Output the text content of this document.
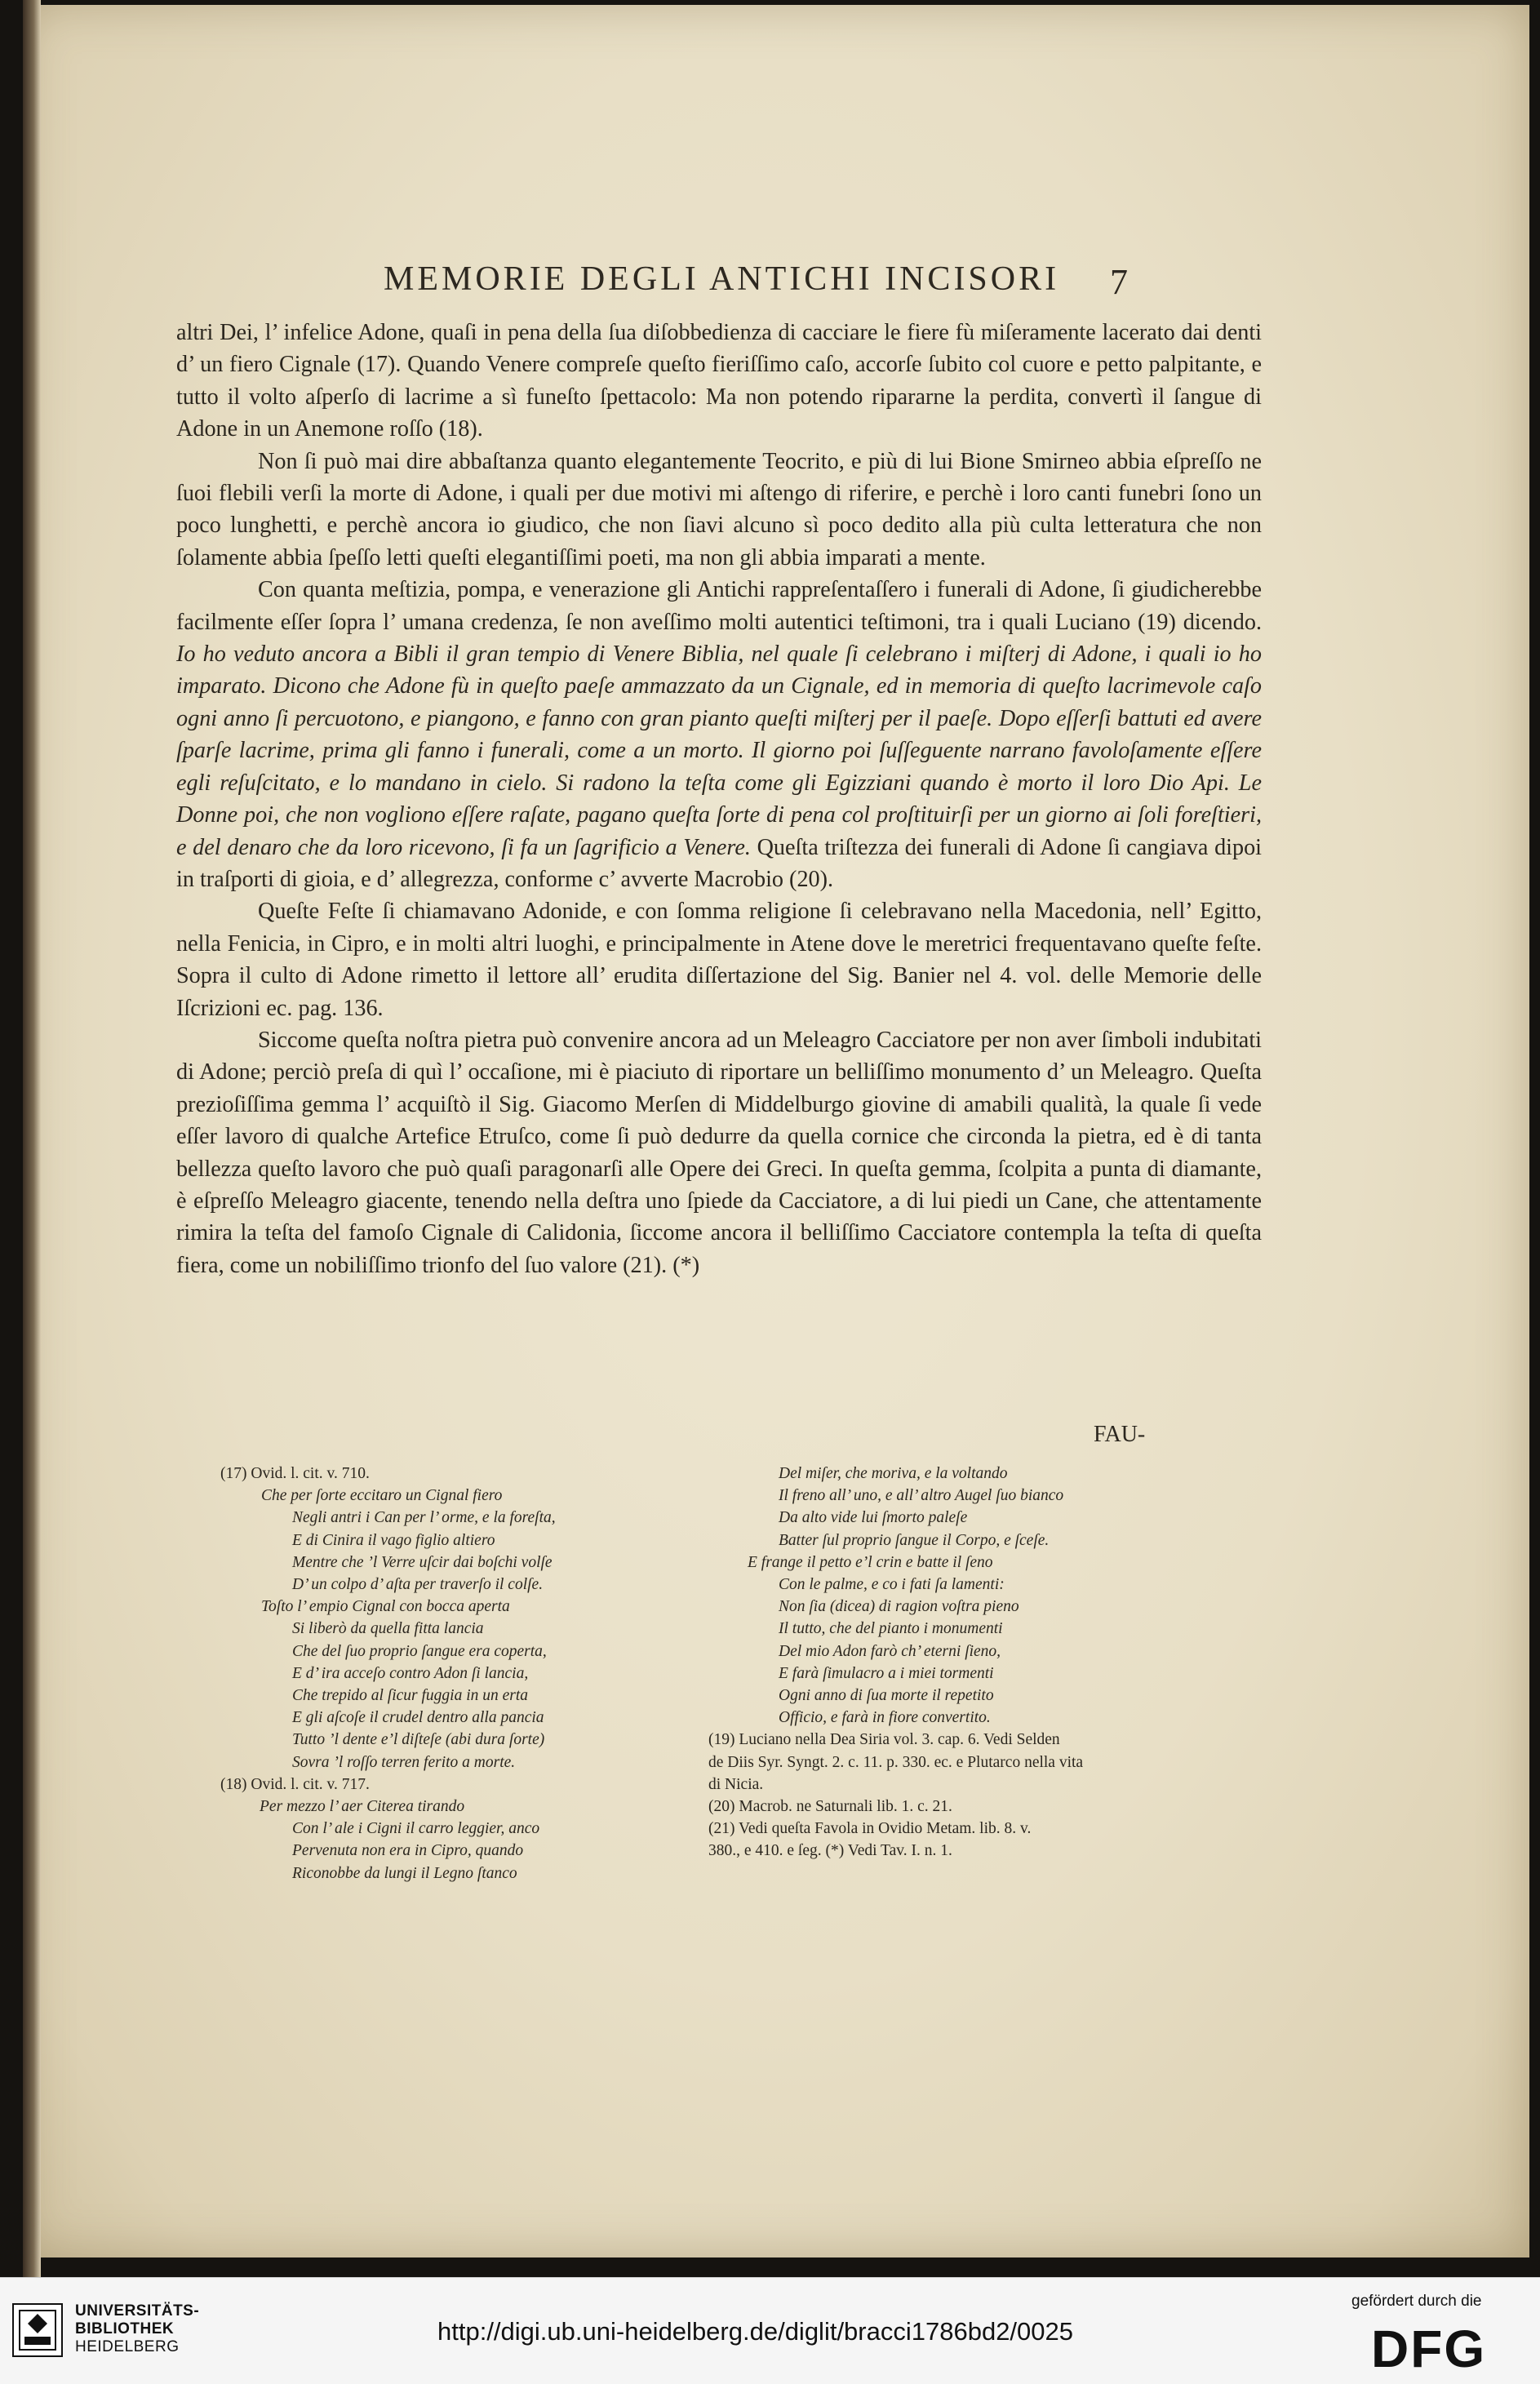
MEMORIE DEGLI ANTICHI INCISORI 7

altri Dei, l’ infelice Adone, quaſi in pena della ſua diſobbedienza di cacciare le fiere fù miſeramente lacerato dai denti d’ un fiero Cignale (17). Quando Venere compreſe queſto fieriſſimo caſo, accorſe ſubito col cuore e petto palpitante, e tutto il volto aſperſo di lacrime a sì funeſto ſpettacolo: Ma non potendo ripararne la perdita, convertì il ſangue di Adone in un Anemone roſſo (18).

Non ſi può mai dire abbaſtanza quanto elegantemente Teocrito, e più di lui Bione Smirneo abbia eſpreſſo ne ſuoi flebili verſi la morte di Adone, i quali per due motivi mi aſtengo di riferire, e perchè i loro canti funebri ſono un poco lunghetti, e perchè ancora io giudico, che non ſiavi alcuno sì poco dedito alla più culta letteratura che non ſolamente abbia ſpeſſo letti queſti elegantiſſimi poeti, ma non gli abbia imparati a mente.

Con quanta meſtizia, pompa, e venerazione gli Antichi rappreſentaſſero i funerali di Adone, ſi giudicherebbe facilmente eſſer ſopra l’ umana credenza, ſe non aveſſimo molti autentici teſtimoni, tra i quali Luciano (19) dicendo. Io ho veduto ancora a Bibli il gran tempio di Venere Biblia, nel quale ſi celebrano i miſterj di Adone, i quali io ho imparato. Dicono che Adone fù in queſto paeſe ammazzato da un Cignale, ed in memoria di queſto lacrimevole caſo ogni anno ſi percuotono, e piangono, e fanno con gran pianto queſti miſterj per il paeſe. Dopo eſſerſi battuti ed avere ſparſe lacrime, prima gli fanno i funerali, come a un morto. Il giorno poi ſuſſeguente narrano favoloſamente eſſere egli reſuſcitato, e lo mandano in cielo. Si radono la teſta come gli Egizziani quando è morto il loro Dio Api. Le Donne poi, che non vogliono eſſere raſate, pagano queſta ſorte di pena col proſtituirſi per un giorno ai ſoli foreſtieri, e del denaro che da loro ricevono, ſi fa un ſagrificio a Venere. Queſta triſtezza dei funerali di Adone ſi cangiava dipoi in traſporti di gioia, e d’ allegrezza, conforme c’ avverte Macrobio (20).

Queſte Feſte ſi chiamavano Adonide, e con ſomma religione ſi celebravano nella Macedonia, nell’ Egitto, nella Fenicia, in Cipro, e in molti altri luoghi, e principalmente in Atene dove le meretrici frequentavano queſte feſte. Sopra il culto di Adone rimetto il lettore all’ erudita diſſertazione del Sig. Banier nel 4. vol. delle Memorie delle Iſcrizioni ec. pag. 136.

Siccome queſta noſtra pietra può convenire ancora ad un Meleagro Cacciatore per non aver ſimboli indubitati di Adone; perciò preſa di quì l’ occaſione, mi è piaciuto di riportare un belliſſimo monumento d’ un Meleagro. Queſta prezioſiſſima gemma l’ acquiſtò il Sig. Giacomo Merſen di Middelburgo giovine di amabili qualità, la quale ſi vede eſſer lavoro di qualche Artefice Etruſco, come ſi può dedurre da quella cornice che circonda la pietra, ed è di tanta bellezza queſto lavoro che può quaſi paragonarſi alle Opere dei Greci. In queſta gemma, ſcolpita a punta di diamante, è eſpreſſo Meleagro giacente, tenendo nella deſtra uno ſpiede da Cacciatore, a di lui piedi un Cane, che attentamente rimira la teſta del famoſo Cignale di Calidonia, ſiccome ancora il belliſſimo Cacciatore contempla la teſta di queſta fiera, come un nobiliſſimo trionfo del ſuo valore (21). (*)

FAU-
(17) Ovid. l. cit. v. 710.
Che per ſorte eccitaro un Cignal fiero
Negli antri i Can per l’ orme, e la foreſta,
E di Cinira il vago figlio altiero
Mentre che ’l Verre uſcir dai boſchi volſe
D’ un colpo d’ aſta per traverſo il colſe.
Toſto l’ empio Cignal con bocca aperta
Si liberò da quella fitta lancia
Che del ſuo proprio ſangue era coperta,
E d’ ira acceſo contro Adon ſi lancia,
Che trepido al ſicur fuggia in un erta
E gli aſcoſe il crudel dentro alla pancia
Tutto ’l dente e’l diſteſe (abi dura ſorte)
Sovra ’l roſſo terren ferito a morte.
(18) Ovid. l. cit. v. 717.
Per mezzo l’ aer Citerea tirando
Con l’ ale i Cigni il carro leggier, anco
Pervenuta non era in Cipro, quando
Riconobbe da lungi il Legno ſtanco
Del miſer, che moriva, e la voltando
Il freno all’ uno, e all’ altro Augel ſuo bianco
Da alto vide lui ſmorto paleſe
Batter ſul proprio ſangue il Corpo, e ſceſe.
E frange il petto e’l crin e batte il ſeno
Con le palme, e co i fati ſa lamenti:
Non ſia (dicea) di ragion voſtra pieno
Il tutto, che del pianto i monumenti
Del mio Adon farò ch’ eterni ſieno,
E farà ſimulacro a i miei tormenti
Ogni anno di ſua morte il repetito
Officio, e farà in fiore convertito.
(19) Luciano nella Dea Siria vol. 3. cap. 6. Vedi Selden
de Diis Syr. Syngt. 2. c. 11. p. 330. ec. e Plutarco nella vita
di Nicia.
(20) Macrob. ne Saturnali lib. 1. c. 21.
(21) Vedi queſta Favola in Ovidio Metam. lib. 8. v.
380., e 410. e ſeg. (*) Vedi Tav. I. n. 1.
UNIVERSITÄTS-
BIBLIOTHEK
HEIDELBERG
http://digi.ub.uni-heidelberg.de/diglit/bracci1786bd2/0025
gefördert durch die
DFG
